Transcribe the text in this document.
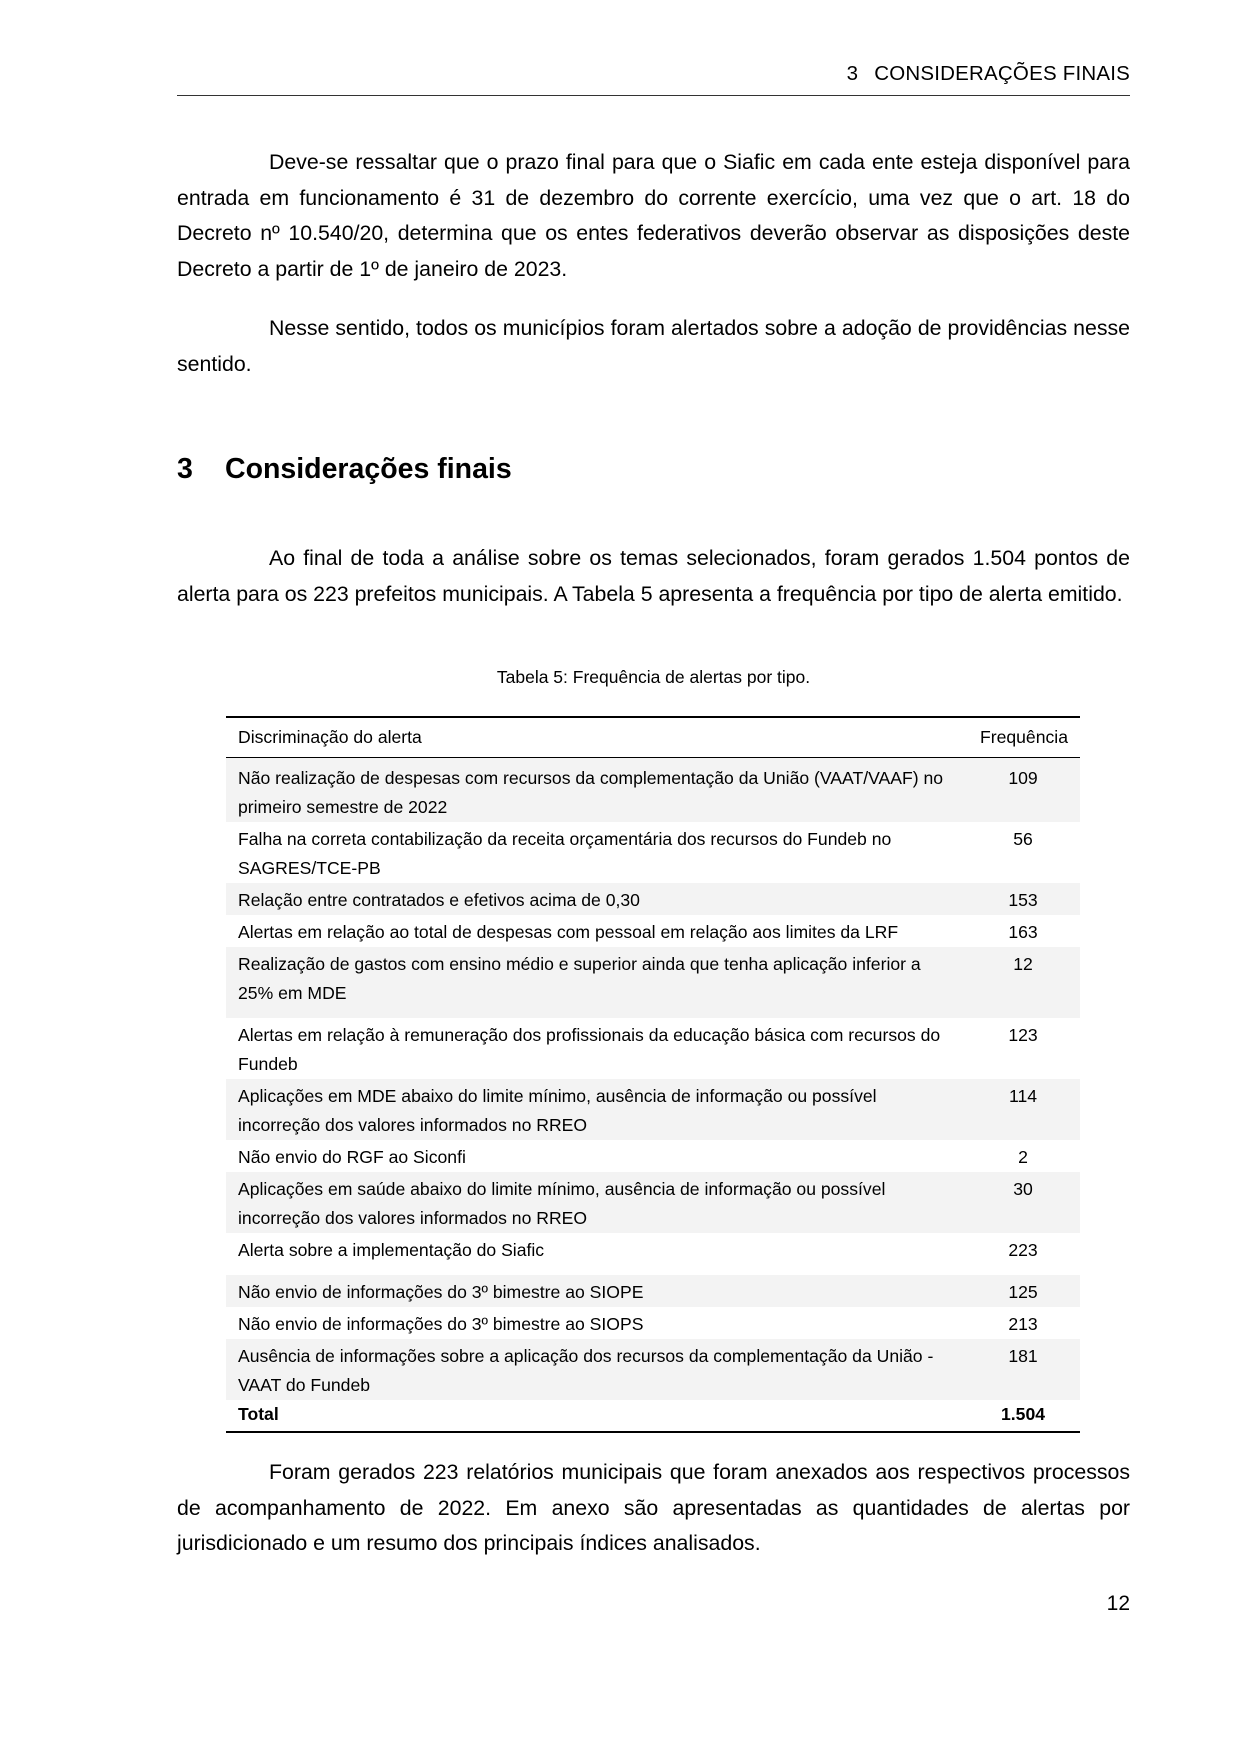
3 CONSIDERAÇÕES FINAIS

Deve-se ressaltar que o prazo final para que o Siafic em cada ente esteja disponível para entrada em funcionamento é 31 de dezembro do corrente exercício, uma vez que o art. 18 do Decreto nº 10.540/20, determina que os entes federativos deverão observar as disposições deste Decreto a partir de 1º de janeiro de 2023.

Nesse sentido, todos os municípios foram alertados sobre a adoção de providências nesse sentido.

3 Considerações finais

Ao final de toda a análise sobre os temas selecionados, foram gerados 1.504 pontos de alerta para os 223 prefeitos municipais. A Tabela 5 apresenta a frequência por tipo de alerta emitido.

Tabela 5: Frequência de alertas por tipo.
Discriminação do alerta	Frequência
Não realização de despesas com recursos da complementação da União (VAAT/VAAF) no primeiro semestre de 2022	109
Falha na correta contabilização da receita orçamentária dos recursos do Fundeb no SAGRES/TCE-PB	56
Relação entre contratados e efetivos acima de 0,30	153
Alertas em relação ao total de despesas com pessoal em relação aos limites da LRF	163
Realização de gastos com ensino médio e superior ainda que tenha aplicação inferior a 25% em MDE	12
Alertas em relação à remuneração dos profissionais da educação básica com recursos do Fundeb	123
Aplicações em MDE abaixo do limite mínimo, ausência de informação ou possível incorreção dos valores informados no RREO	114
Não envio do RGF ao Siconfi	2
Aplicações em saúde abaixo do limite mínimo, ausência de informação ou possível incorreção dos valores informados no RREO	30
Alerta sobre a implementação do Siafic	223
Não envio de informações do 3º bimestre ao SIOPE	125
Não envio de informações do 3º bimestre ao SIOPS	213
Ausência de informações sobre a aplicação dos recursos da complementação da União - VAAT do Fundeb	181
Total	1.504

Foram gerados 223 relatórios municipais que foram anexados aos respectivos processos de acompanhamento de 2022. Em anexo são apresentadas as quantidades de alertas por jurisdicionado e um resumo dos principais índices analisados.

12
